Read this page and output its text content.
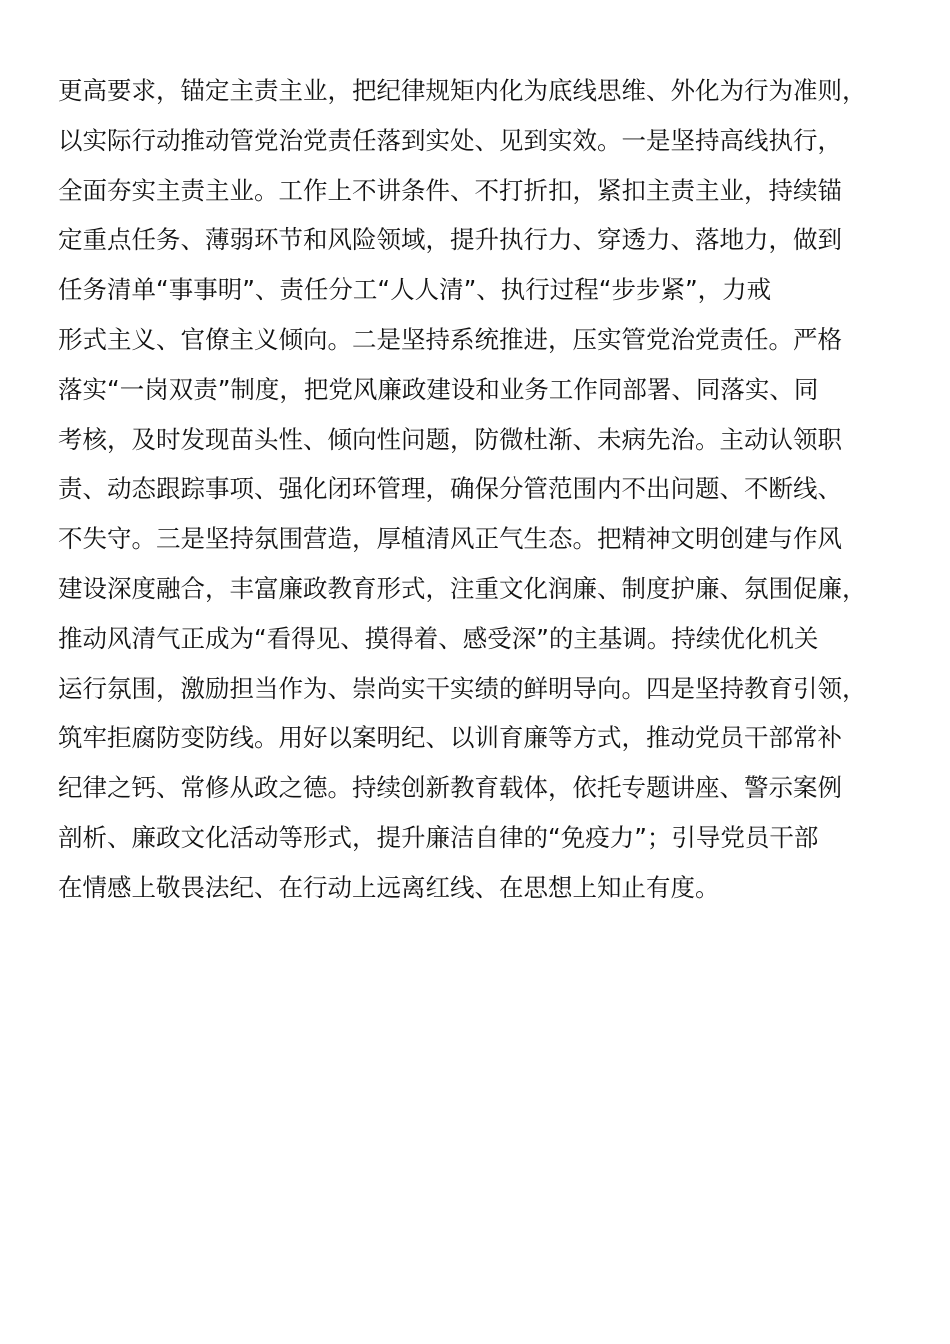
更高要求，锚定主责主业，把纪律规矩内化为底线思维、外化为行为准则，
以实际行动推动管党治党责任落到实处、见到实效。一是坚持高线执行，
全面夯实主责主业。工作上不讲条件、不打折扣，紧扣主责主业，持续锚
定重点任务、薄弱环节和风险领域，提升执行力、穿透力、落地力，做到
任务清单“事事明”、责任分工“人人清”、执行过程“步步紧”，力戒
形式主义、官僚主义倾向。二是坚持系统推进，压实管党治党责任。严格
落实“一岗双责”制度，把党风廉政建设和业务工作同部署、同落实、同
考核，及时发现苗头性、倾向性问题，防微杜渐、未病先治。主动认领职
责、动态跟踪事项、强化闭环管理，确保分管范围内不出问题、不断线、
不失守。三是坚持氛围营造，厚植清风正气生态。把精神文明创建与作风
建设深度融合，丰富廉政教育形式，注重文化润廉、制度护廉、氛围促廉，
推动风清气正成为“看得见、摸得着、感受深”的主基调。持续优化机关
运行氛围，激励担当作为、崇尚实干实绩的鲜明导向。四是坚持教育引领，
筑牢拒腐防变防线。用好以案明纪、以训育廉等方式，推动党员干部常补
纪律之钙、常修从政之德。持续创新教育载体，依托专题讲座、警示案例
剖析、廉政文化活动等形式，提升廉洁自律的“免疫力”；引导党员干部
在情感上敬畏法纪、在行动上远离红线、在思想上知止有度。
